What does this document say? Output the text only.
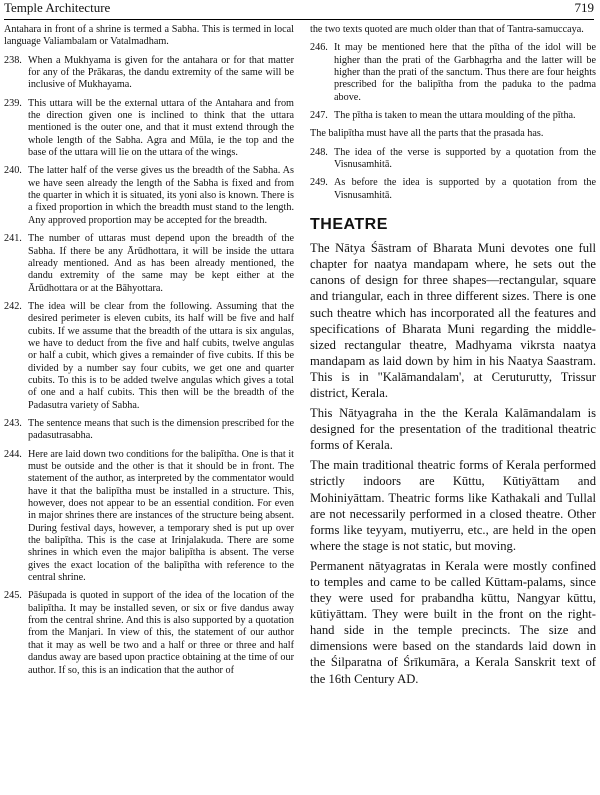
Temple Architecture	719

Antahara in front of a shrine is termed a Sabha. This is termed in local language Valiambalam or Vatalmadham.

238. When a Mukhyama is given for the antahara or for that matter for any of the Prākaras, the dandu extremity of the same will be inclusive of Mukhayama.
239. This uttara will be the external uttara of the Antahara and from the direction given one is inclined to think that the uttara mentioned is the outer one, and that it must extend through the whole length of the Sabha. Agra and Mūla, ie the top and the base of the uttara will lie on the uttara of the wings.
240. The latter half of the verse gives us the breadth of the Sabha. As we have seen already the length of the Sabha is fixed and from the quarter in which it is situated, its yoni also is known. There is a fixed proportion in which the breadth must stand to the length. Any approved proportion may be accepted for the breadth.
241. The number of uttaras must depend upon the breadth of the Sabha. If there be any Ārūdhottara, it will be inside the uttara already mentioned. And as has been already mentioned, the dandu extremity of the same may be kept either at the Ārūdhottara or at the Bāhyottara.
242. The idea will be clear from the following. Assuming that the desired perimeter is eleven cubits, its half will be five and half cubits. If we assume that the breadth of the uttara is six angulas, we have to deduct from the five and half cubits, twelve angulas or half a cubit, which gives a remainder of five cubits. If this be divided by a number say four cubits, we get one and quarter cubits. To this is to be added twelve angulas which gives a total of one and a half cubits. This then will be the breadth of the Padasutra variety of Sabha.
243. The sentence means that such is the dimension prescribed for the padasutrasabha.
244. Here are laid down two conditions for the balipītha. One is that it must be outside and the other is that it should be in front. The statement of the author, as interpreted by the commentator would have it that the balipītha must be installed in a structure. This, however, does not appear to be an essential condition. For even in major shrines there are instances of the structure being absent. During festival days, however, a temporary shed is put up over the balipītha. This is the case at Irinjalakuda. There are some shrines in which even the major balipītha is absent. The verse gives the exact location of the balipītha with reference to the central shrine.
245. Pāśupada is quoted in support of the idea of the location of the balipītha. It may be installed seven, or six or five dandus away from the central shrine. And this is also supported by a quotation from the Manjari. In view of this, the statement of our author that it may as well be two and a half or three or three and half dandus away are based upon practice obtaining at the time of our author. If so, this is an indication that the author of

the two texts quoted are much older than that of Tantra-samuccaya.

246. It may be mentioned here that the pītha of the idol will be higher than the prati of the Garbhagrha and the latter will be higher than the prati of the sanctum. Thus there are four heights prescribed for the balipītha from the paduka to the padma above.
247. The pītha is taken to mean the uttara moulding of the pītha.

The balipītha must have all the parts that the prasada has.

248. The idea of the verse is supported by a quotation from the Visnusamhitā.
249. As before the idea is supported by a quotation from the Visnusamhitā.
THEATRE

The Nātya Śāstram of Bharata Muni devotes one full chapter for naatya mandapam where, he sets out the canons of design for three shapes—rectangular, square and triangular, each in three different sizes. There is one such theatre which has incorporated all the features and specifications of Bharata Muni regarding the middle-sized rectangular theatre, Madhyama vikrsta naatya mandapam as laid down by him in his Naatya Saastram. This is in "Kalāmandalam', at Ceruturutty, Trissur district, Kerala.

This Nātyagraha in the the Kerala Kalāmandalam is designed for the presentation of the traditional theatric forms of Kerala.

The main traditional theatric forms of Kerala performed strictly indoors are Kūttu, Kūtiyāttam and Mohiniyāttam. Theatric forms like Kathakali and Tullal are not necessarily performed in a closed theatre. Other forms like teyyam, mutiyerru, etc., are held in the open where the stage is not static, but moving.

Permanent nātyagratas in Kerala were mostly confined to temples and came to be called Kūttam-palams, since they were used for prabandha kūttu, Nangyar kūttu, kūtiyāttam. They were built in the front on the right-hand side in the temple precincts. The size and dimensions were based on the standards laid down in the Śilparatna of Śrīkumāra, a Kerala Sanskrit text of the 16th Century AD.
